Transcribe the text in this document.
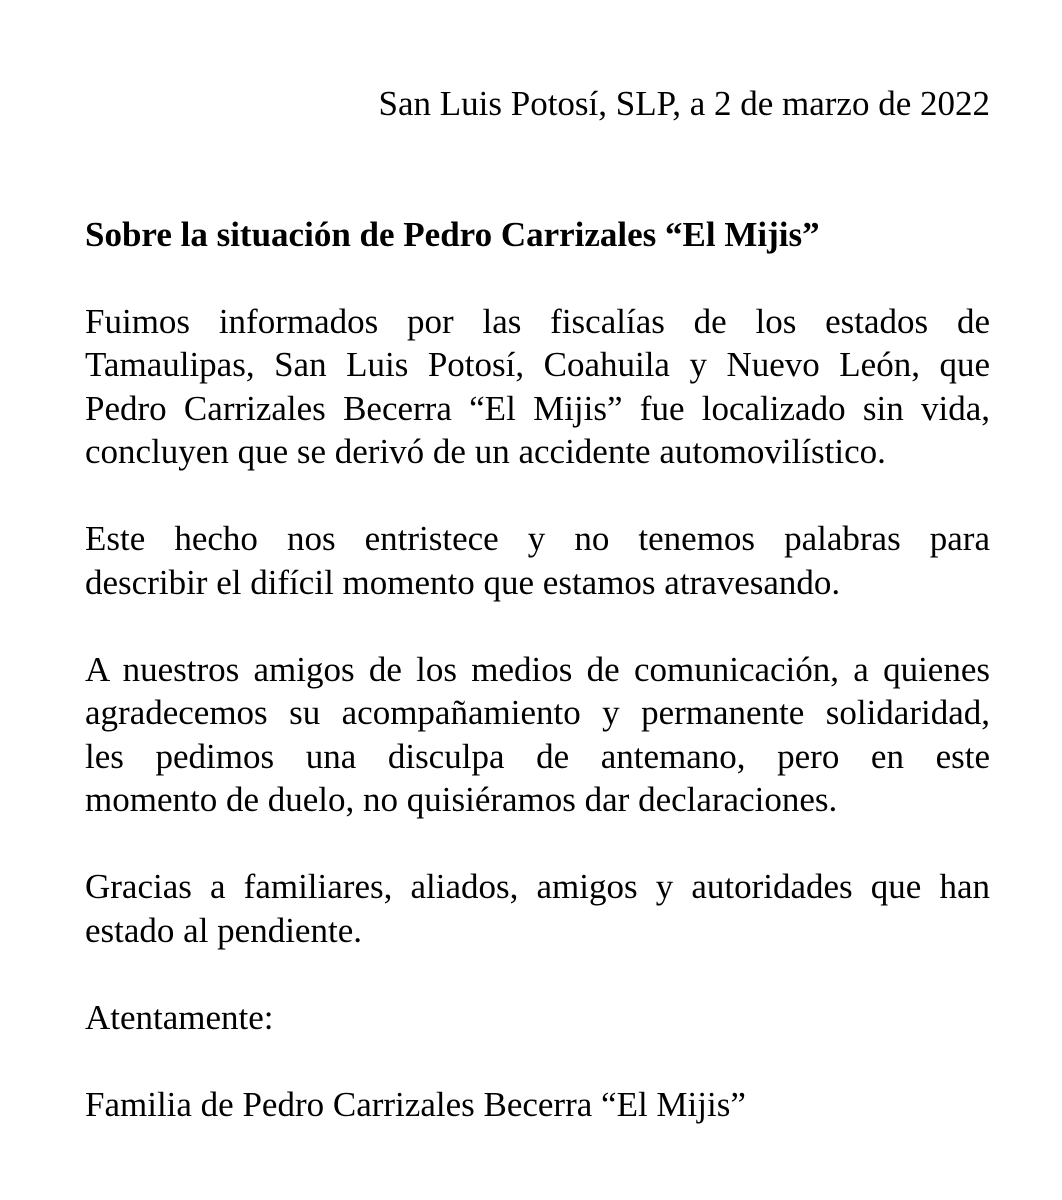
San Luis Potosí, SLP, a 2 de marzo de 2022
Sobre la situación de Pedro Carrizales “El Mijis”
Fuimos informados por las fiscalías de los estados de
Tamaulipas, San Luis Potosí, Coahuila y Nuevo León, que
Pedro Carrizales Becerra “El Mijis” fue localizado sin vida,
concluyen que se derivó de un accidente automovilístico.
Este hecho nos entristece y no tenemos palabras para
describir el difícil momento que estamos atravesando.
A nuestros amigos de los medios de comunicación, a quienes
agradecemos su acompañamiento y permanente solidaridad,
les pedimos una disculpa de antemano, pero en este
momento de duelo, no quisiéramos dar declaraciones.
Gracias a familiares, aliados, amigos y autoridades que han
estado al pendiente.
Atentamente:
Familia de Pedro Carrizales Becerra “El Mijis”
